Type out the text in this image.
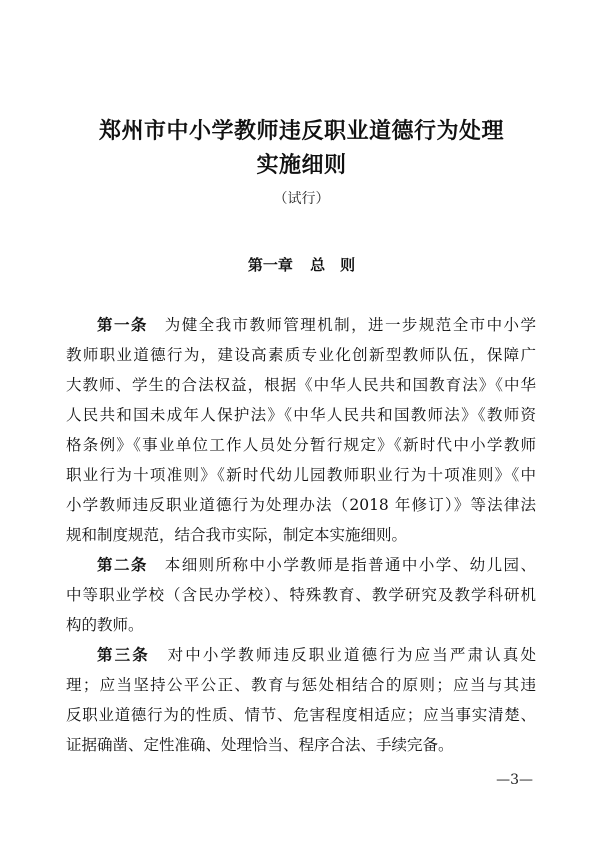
郑州市中小学教师违反职业道德行为处理
实施细则
（试行）
第一章 总　则
第一条　 为健全我市教师管理机制，进一步规范全市中小学
教师职业道德行为，建设高素质专业化创新型教师队伍，保障广
大教师、学生的合法权益，根据《中华人民共和国教育法》《中华
人民共和国未成年人保护法》《中华人民共和国教师法》《教师资
格条例》《事业单位工作人员处分暂行规定》《新时代中小学教师
职业行为十项准则》《新时代幼儿园教师职业行为十项准则》《中
小学教师违反职业道德行为处理办法（2018 年修订）》等法律法
规和制度规范，结合我市实际，制定本实施细则。
第二条　 本细则所称中小学教师是指普通中小学、幼儿园、
中等职业学校（含民办学校）、特殊教育、教学研究及教学科研机
构的教师。
第三条　 对中小学教师违反职业道德行为应当严肃认真处
理；应当坚持公平公正、教育与惩处相结合的原则；应当与其违
反职业道德行为的性质、情节、危害程度相适应；应当事实清楚、
证据确凿、定性准确、处理恰当、程序合法、手续完备。
—3—
